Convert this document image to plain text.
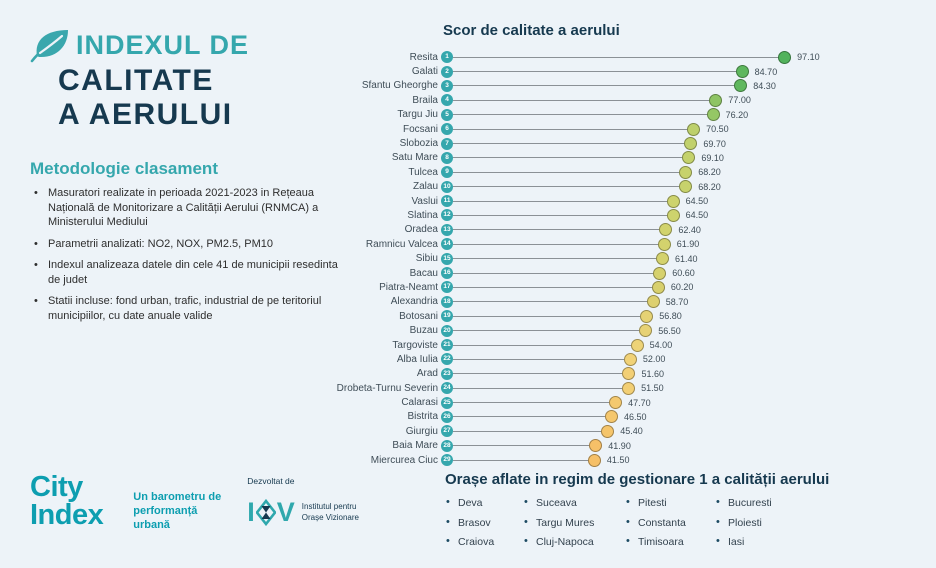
INDEXUL DE
CALITATE
A AERULUI
Metodologie clasament
• Masuratori realizate in perioada 2021-2023 in Rețeaua Națională de Monitorizare a Calității Aerului (RNMCA) a Ministerului Mediului
• Parametrii analizati: NO2, NOX, PM2.5, PM10
• Indexul analizeaza datele din cele 41 de municipii resedinta de judet
• Statii incluse: fond urban, trafic, industrial de pe teritoriul municipiilor, cu date anuale valide
City
Index
Un barometru de performanță urbană
Dezvoltat de
I V Institutul pentru Orașe Vizionare
Scor de calitate a aerului
Resita	1	97.10
Galati	2	84.70
Sfantu Gheorghe	3	84.30
Braila	4	77.00
Targu Jiu	5	76.20
Focsani	6	70.50
Slobozia	7	69.70
Satu Mare	8	69.10
Tulcea	9	68.20
Zalau 10	68.20
Vaslui 11	64.50
Slatina 12	64.50
Oradea 13	62.40
Ramnicu Valcea 14	61.90
Sibiu 15	61.40
Bacau 16	60.60
Piatra-Neamt 17	60.20
Alexandria 18	58.70
Botosani 19	56.80
Buzau 20	56.50
Targoviste 21	54.00
Alba Iulia 22	52.00
Arad 23	51.60
Drobeta-Turnu Severin 24	51.50
Calarasi 25	47.70
Bistrita 26	46.50
Giurgiu 27	45.40
Baia Mare 28	41.90
Miercurea Ciuc 29	41.50
Orașe aflate in regim de gestionare 1 a calității aerului
• Deva
• Brasov
• Craiova
• Suceava
• Targu Mures
• Cluj-Napoca
• Pitesti
• Constanta
• Timisoara
• Bucuresti
• Ploiesti
• Iasi
